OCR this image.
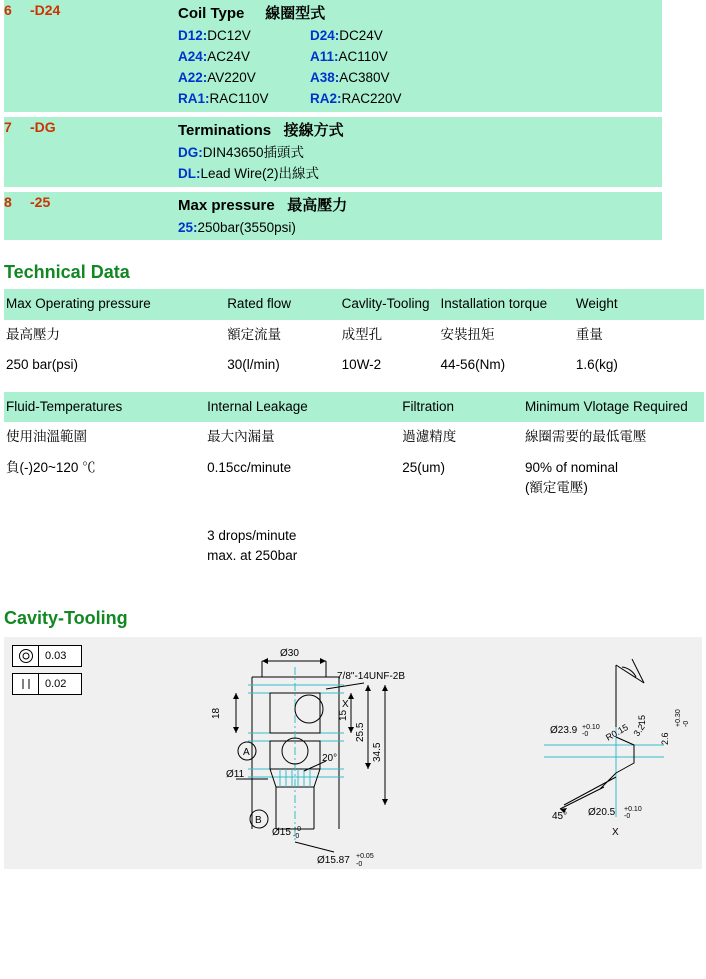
6	-D24	Coil Type 線圈型式
D12:DC12V D24:DC24V
A24:AC24V A11:AC110V
A22:AV220V A38:AC380V
RA1:RAC110V RA2:RAC220V

7	-DG	Terminations 接線方式
DG:DIN43650插頭式
DL:Lead Wire(2)出線式

8	-25	Max pressure 最高壓力
25:250bar(3550psi)
Technical Data
Max Operating pressure	Rated flow	Cavlity-Tooling	Installation torque	Weight
最高壓力	額定流量	成型孔	安裝扭矩	重量
250 bar(psi)	30(l/min)	10W-2	44-56(Nm)	1.6(kg)
Fluid-Temperatures	Internal Leakage	Filtration	Minimum Vlotage Required
使用油溫範圍	最大內漏量	過濾精度	線圈需要的最低電壓
負(-)20~120 ℃	0.15cc/minute	25(um)	90% of nominal
(額定電壓)

	3 drops/minute
max. at 250bar		

Cavity-Tooling
0.03
0.02
Ø30
7/8"-14UNF-2B
X
18	15
25.5
34.5
20°
A
B
Ø11
Ø15 +0
-0
Ø15.87 +0.05
-0
Ø23.9 +0.10
-0 R0.15 3.2
2.6
+0.30 -0
15
45° Ø20.5 +0.10
-0
X
